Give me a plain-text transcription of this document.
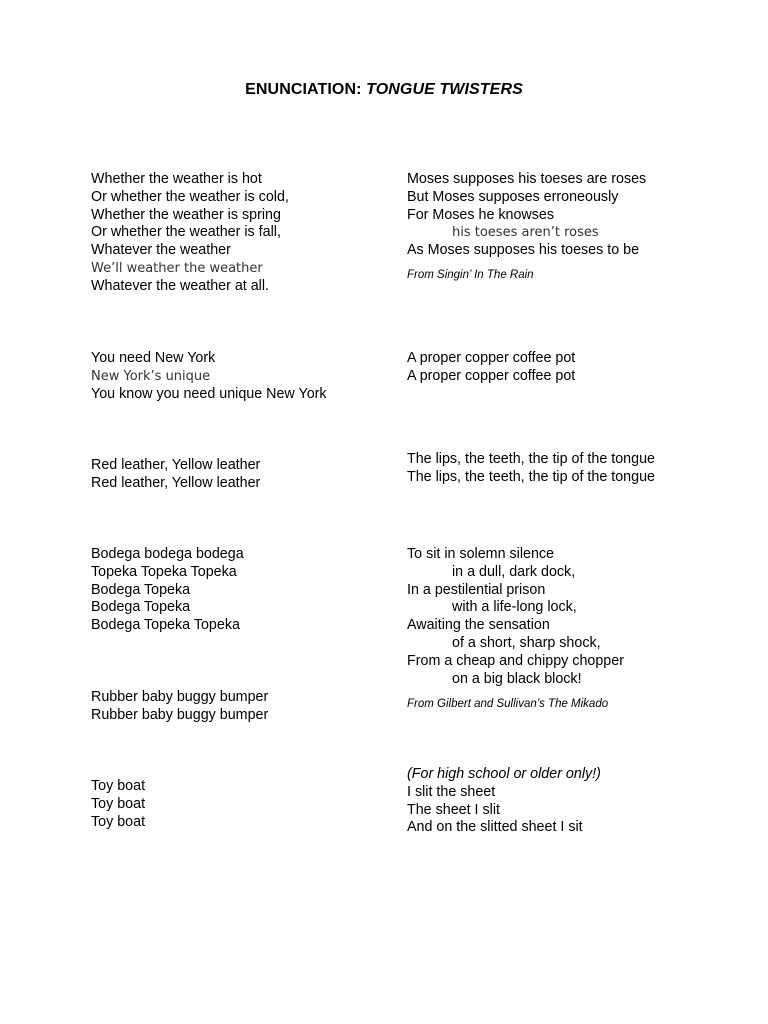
ENUNCIATION: TONGUE TWISTERS
Whether the weather is hot
Or whether the weather is cold,
Whether the weather is spring
Or whether the weather is fall,
Whatever the weather
We’ll weather the weather
Whatever the weather at all.
You need New York
New York’s unique
You know you need unique New York
Red leather, Yellow leather
Red leather, Yellow leather
Bodega bodega bodega
Topeka Topeka Topeka
Bodega Topeka
Bodega Topeka
Bodega Topeka Topeka
Rubber baby buggy bumper
Rubber baby buggy bumper
Toy boat
Toy boat
Toy boat
Moses supposes his toeses are roses
But Moses supposes erroneously
For Moses he knowses
his toeses aren’t roses
As Moses supposes his toeses to be
From Singin’ In The Rain
A proper copper coffee pot
A proper copper coffee pot
The lips, the teeth, the tip of the tongue
The lips, the teeth, the tip of the tongue
To sit in solemn silence
in a dull, dark dock,
In a pestilential prison
with a life-long lock,
Awaiting the sensation
of a short, sharp shock,
From a cheap and chippy chopper
on a big black block!
From Gilbert and Sullivan’s The Mikado
(For high school or older only!)
I slit the sheet
The sheet I slit
And on the slitted sheet I sit
